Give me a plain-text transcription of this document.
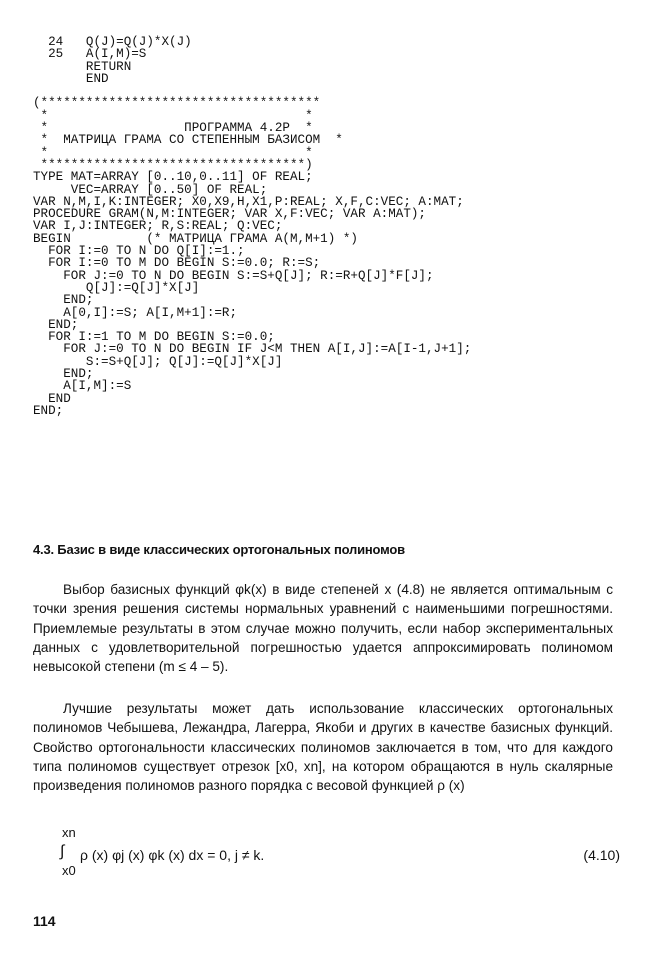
24   Q(J)=Q(J)*X(J)
25   A(I,M)=S
RETURN
END

(*************************************
*                                  *
*                  ПРОГРАММА 4.2Р  *
*  МАТРИЦА ГРАМА СО СТЕПЕННЫМ БАЗИСОМ  *
*                                  *
***********************************)
TYPE MAT=ARRAY [0..10,0..11] OF REAL;
VEC=ARRAY [0..50] OF REAL;
VAR N,M,I,K:INTEGER; X0,X9,H,X1,P:REAL; X,F,C:VEC; A:MAT;
PROCEDURE GRAM(N,M:INTEGER; VAR X,F:VEC; VAR A:MAT);
VAR I,J:INTEGER; R,S:REAL; Q:VEC;
BEGIN          (* МАТРИЦА ГРАМА A(M,M+1) *)
FOR I:=0 TO N DO Q[I]:=1.;
FOR I:=0 TO M DO BEGIN S:=0.0; R:=S;
FOR J:=0 TO N DO BEGIN S:=S+Q[J]; R:=R+Q[J]*F[J];
Q[J]:=Q[J]*X[J]
END;
A[0,I]:=S; A[I,M+1]:=R;
END;
FOR I:=1 TO M DO BEGIN S:=0.0;
FOR J:=0 TO N DO BEGIN IF J<M THEN A[I,J]:=A[I-1,J+1];
S:=S+Q[J]; Q[J]:=Q[J]*X[J]
END;
A[I,M]:=S
END
END;
4.3. Базис в виде классических ортогональных полиномов
Выбор базисных функций φk(x) в виде степеней x (4.8) не является оптимальным с точки зрения решения системы нормальных уравнений с наименьшими погрешностями. Приемлемые результаты в этом случае можно получить, если набор экспериментальных данных с удовлетворительной погрешностью удается аппроксимировать полиномом невысокой степени (m ≤ 4 – 5).
Лучшие результаты может дать использование классических ортогональных полиномов Чебышева, Лежандра, Лагерра, Якоби и других в качестве базисных функций. Свойство ортогональности классических полиномов заключается в том, что для каждого типа полиномов существует отрезок [x0, xn], на котором обращаются в нуль скалярные произведения полиномов разного порядка с весовой функцией ρ (x)
xn
∫
x0
ρ (x) φj (x) φk (x) dx = 0, j ≠ k.	(4.10)
114
